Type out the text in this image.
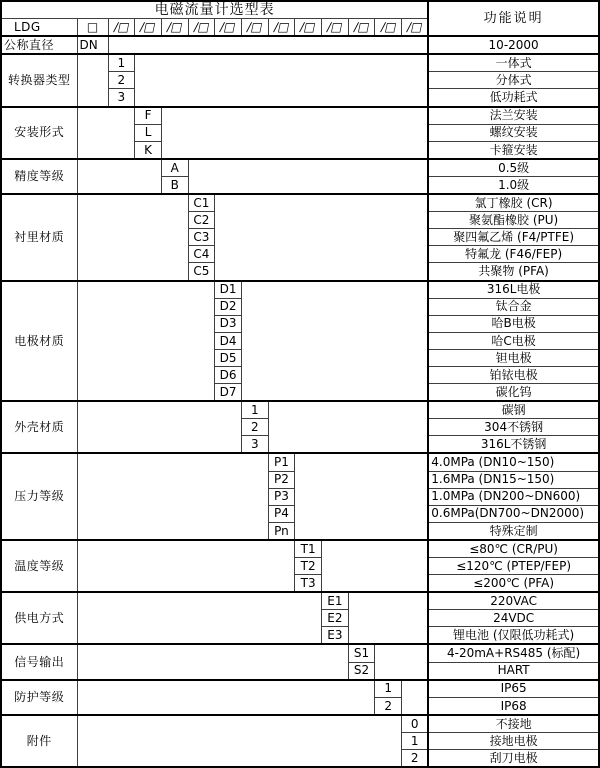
电磁流量计选型表														功能说明
LDG	□	/□	/□	/□	/□	/□	/□	/□	/□	/□	/□	/□	/□	
公称直径	DN													10-2000
转换器类型		1												一体式
		2												分体式
		3												低功耗式
安装形式			F											法兰安装
			L											螺纹安装
			K											卡箍安装
精度等级				A										0.5级
				B										1.0级
衬里材质					C1									氯丁橡胶 (CR)
					C2									聚氨酯橡胶 (PU)
					C3									聚四氟乙烯 (F4/PTFE)
					C4									特氟龙 (F46/FEP)
					C5									共聚物 (PFA)
电极材质						D1								316L电极
						D2								钛合金
						D3								哈B电极
						D4								哈C电极
						D5								钽电极
						D6								铂铱电极
						D7								碳化钨
外壳材质							1							碳钢
							2							304不锈钢
							3							316L不锈钢
压力等级								P1						4.0MPa (DN10~150)
								P2						1.6MPa (DN15~150)
								P3						1.0MPa (DN200~DN600)
								P4						0.6MPa(DN700~DN2000)
								Pn						特殊定制
温度等级									T1					≤80℃ (CR/PU)
									T2					≤120℃ (PTEP/FEP)
									T3					≤200℃ (PFA)
供电方式										E1				220VAC
										E2				24VDC
										E3				锂电池 (仅限低功耗式)
信号输出											S1			4-20mA+RS485 (标配)
											S2			HART
防护等级												1		IP65
												2		IP68
附件													0	不接地
													1	接地电极
													2	刮刀电极
